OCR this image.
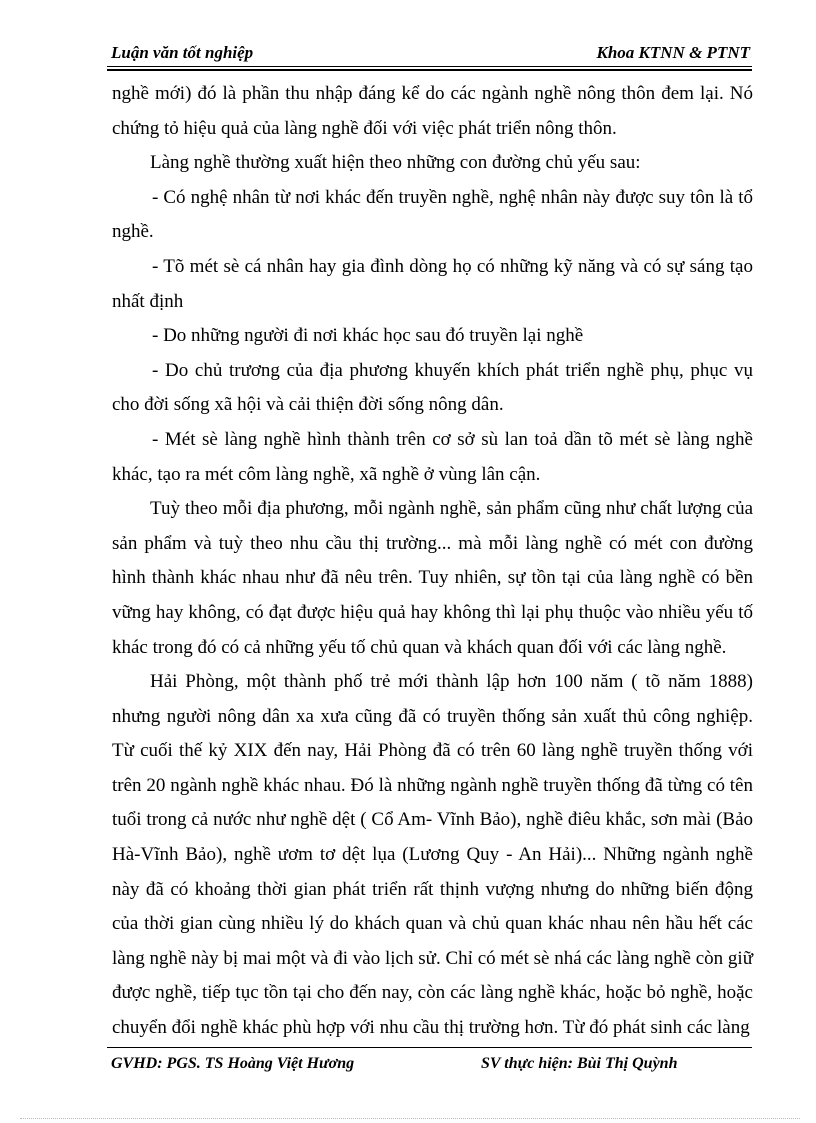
Luận văn tốt nghiệp	Khoa KTNN & PTNT

nghề mới) đó là phần thu nhập đáng kể do các ngành nghề nông thôn đem lại. Nó chứng tỏ hiệu quả của làng nghề đối với việc phát triển nông thôn.

Làng nghề thường xuất hiện theo những con đường chủ yếu sau:

- Có nghệ nhân từ nơi khác đến truyền nghề, nghệ nhân này được suy tôn là tổ nghề.

- Tõ mét sè cá nhân hay gia đình dòng họ có những kỹ năng và có sự sáng tạo nhất định

- Do những người đi nơi khác học sau đó truyền lại nghề

- Do chủ trương của địa phương khuyến khích phát triển nghề phụ, phục vụ cho đời sống xã hội và cải thiện đời sống nông dân.

- Mét sè làng nghề hình thành trên cơ sở sù lan toả dần tõ mét sè làng nghề khác, tạo ra mét côm làng nghề, xã nghề ở vùng lân cận.

Tuỳ theo mỗi địa phương, mỗi ngành nghề, sản phẩm cũng như chất lượng của sản phẩm và tuỳ theo nhu cầu thị trường... mà mỗi làng nghề có mét con đường hình thành khác nhau như đã nêu trên. Tuy nhiên, sự tồn tại của làng nghề có bền vững hay không, có đạt được hiệu quả hay không thì lại phụ thuộc vào nhiều yếu tố khác trong đó có cả những yếu tố chủ quan và khách quan đối với các làng nghề.

Hải Phòng, một thành phố trẻ mới thành lập hơn 100 năm ( tõ năm 1888) nhưng người nông dân xa xưa cũng đã có truyền thống sản xuất thủ công nghiệp. Từ cuối thế kỷ XIX đến nay, Hải Phòng đã có trên 60 làng nghề truyền thống với trên 20 ngành nghề khác nhau. Đó là những ngành nghề truyền thống đã từng có tên tuổi trong cả nước như nghề dệt ( Cổ Am- Vĩnh Bảo), nghề điêu khắc, sơn mài (Bảo Hà-Vĩnh Bảo), nghề ươm tơ dệt lụa (Lương Quy - An Hải)... Những ngành nghề này đã có khoảng thời gian phát triển rất thịnh vượng nhưng do những biến động của thời gian cùng nhiều lý do khách quan và chủ quan khác nhau nên hầu hết các làng nghề này bị mai một và đi vào lịch sử. Chỉ có mét sè nhá các làng nghề còn giữ được nghề, tiếp tục tồn tại cho đến nay, còn các làng nghề khác, hoặc bỏ nghề, hoặc chuyển đổi nghề khác phù hợp với nhu cầu thị trường hơn. Từ đó phát sinh các làng

GVHD: PGS. TS Hoàng Việt Hương	SV thực hiện: Bùi Thị Quỳnh
